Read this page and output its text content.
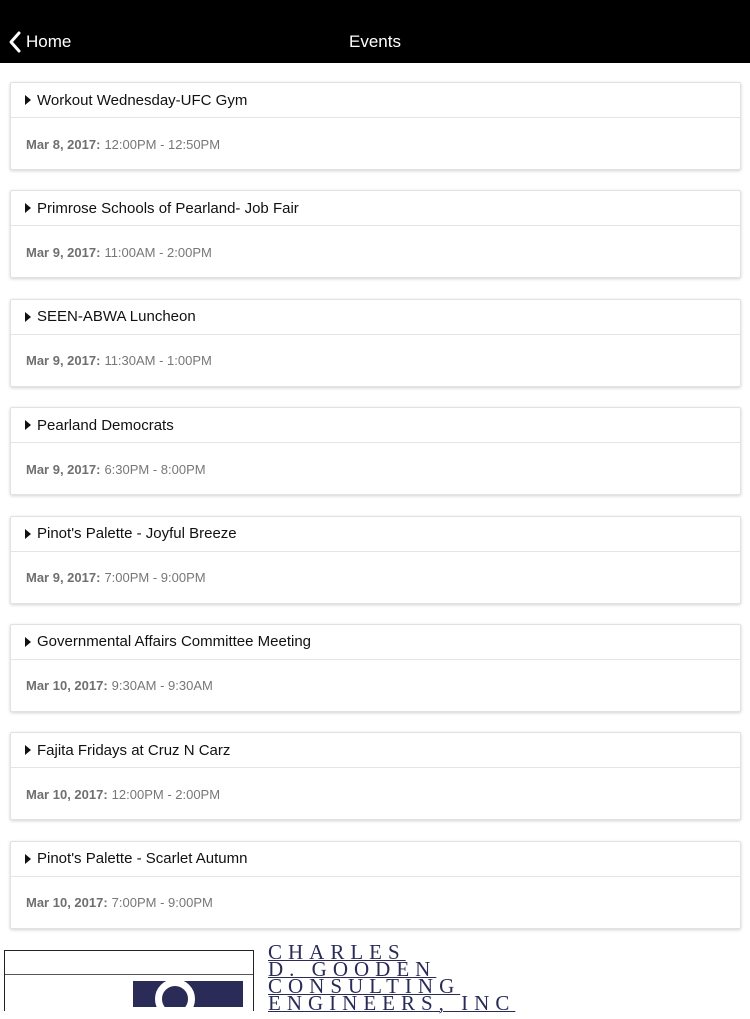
Home	Events
Workout Wednesday-UFC Gym
Mar 8, 2017: 12:00PM - 12:50PM
Primrose Schools of Pearland- Job Fair
Mar 9, 2017: 11:00AM - 2:00PM
SEEN-ABWA Luncheon
Mar 9, 2017: 11:30AM - 1:00PM
Pearland Democrats
Mar 9, 2017: 6:30PM - 8:00PM
Pinot's Palette - Joyful Breeze
Mar 9, 2017: 7:00PM - 9:00PM
Governmental Affairs Committee Meeting
Mar 10, 2017: 9:30AM - 9:30AM
Fajita Fridays at Cruz N Carz
Mar 10, 2017: 12:00PM - 2:00PM
Pinot's Palette - Scarlet Autumn
Mar 10, 2017: 7:00PM - 9:00PM
CHARLES
D. GOODEN
CONSULTING
ENGINEERS, INC
